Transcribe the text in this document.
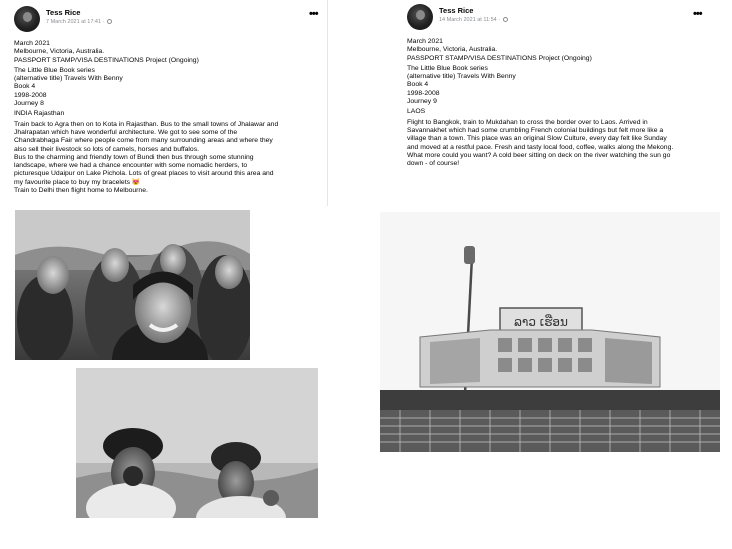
Tess Rice
7 March 2021 at 17:41 ·
•••
March 2021
Melbourne, Victoria, Australia.
PASSPORT STAMP/VISA DESTINATIONS Project (Ongoing)
The Little Blue Book series
(alternative title) Travels With Benny
Book 4
1998-2008
Journey 8
INDIA Rajasthan
Train back to Agra then on to Kota in Rajasthan. Bus to the small towns of Jhalawar and
Jhalrapatan which have wonderful architecture. We got to see some of the
Chandrabhaga Fair where people come from many surrounding areas and where they
also sell their livestock so lots of camels, horses and buffalos.
Bus to the charming and friendly town of Bundi then bus through some stunning
landscape, where we had a chance encounter with some nomadic herders, to
picturesque Udaipur on Lake Pichola. Lots of great places to visit around this area and
my favourite place to buy my bracelets 😻
Train to Delhi then flight home to Melbourne.
Tess Rice
14 March 2021 at 11:54 ·	•••
March 2021
Melbourne, Victoria, Australia.
PASSPORT STAMP/VISA DESTINATIONS Project (Ongoing)
The Little Blue Book series
(alternative title) Travels With Benny
Book 4
1998-2008
Journey 9
LAOS
Flight to Bangkok, train to Mukdahan to cross the border over to Laos. Arrived in
Savannakhet which had some crumbling French colonial buildings but felt more like a
village than a town. This place was an original Slow Culture, every day felt like Sunday
and moved at a restful pace. Fresh and tasty local food, coffee, walks along the Mekong.
What more could you want? A cold beer sitting on deck on the river watching the sun go
down - of course!
ລາວ ເຮືອນ
